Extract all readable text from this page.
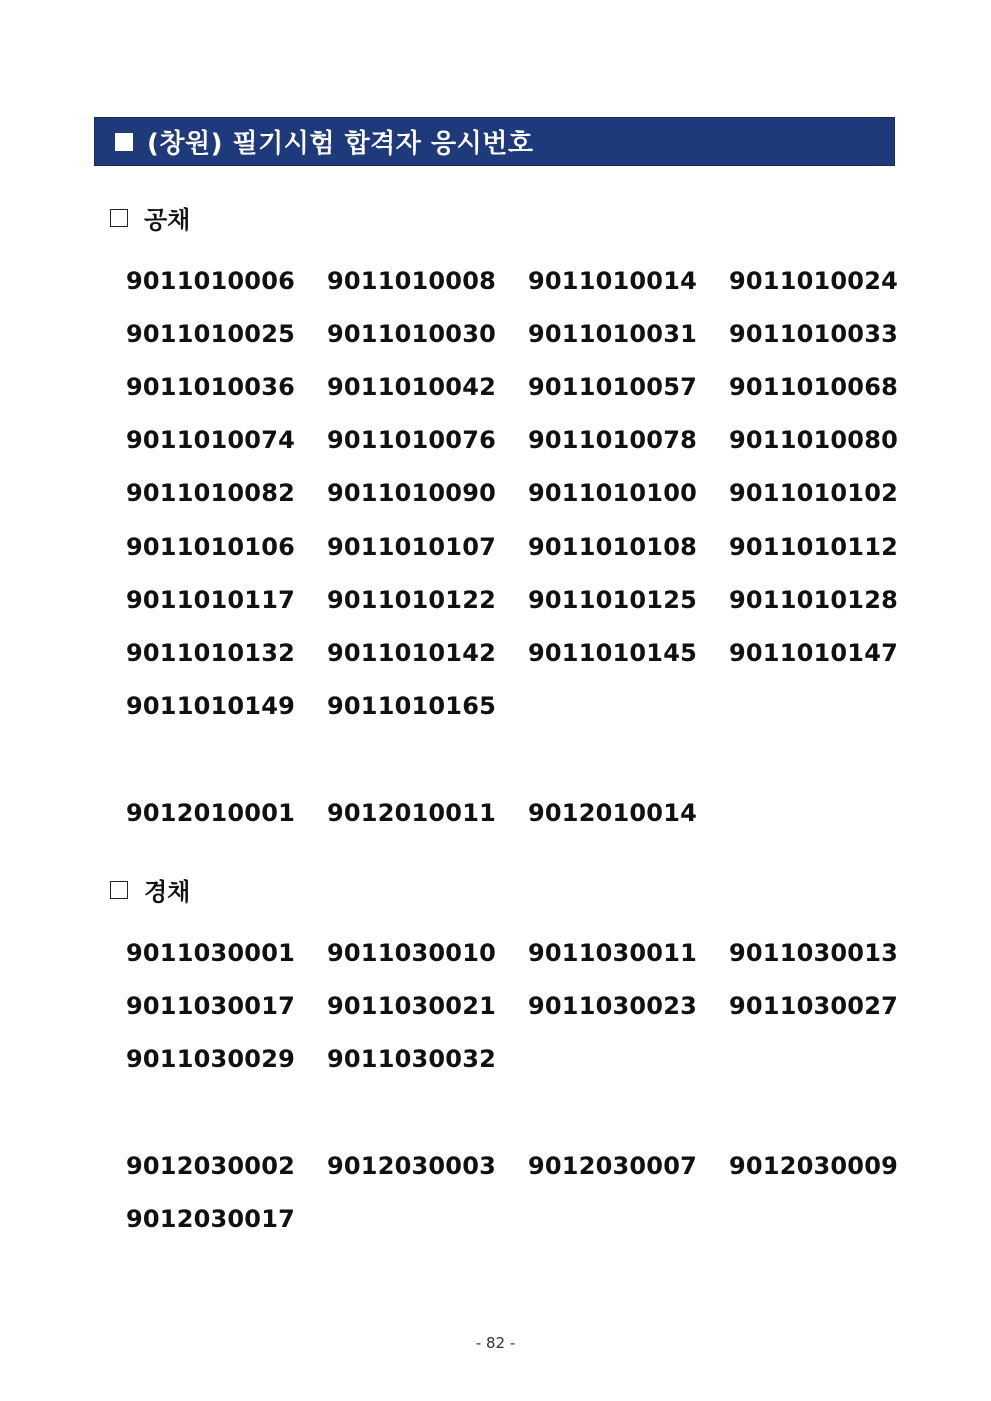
(창원) 필기시험 합격자 응시번호
공채
9011010006	9011010008	9011010014	9011010024
9011010025	9011010030	9011010031	9011010033
9011010036	9011010042	9011010057	9011010068
9011010074	9011010076	9011010078	9011010080
9011010082	9011010090	9011010100	9011010102
9011010106	9011010107	9011010108	9011010112
9011010117	9011010122	9011010125	9011010128
9011010132	9011010142	9011010145	9011010147
9011010149	9011010165
9012010001	9012010011	9012010014
경채
9011030001	9011030010	9011030011	9011030013
9011030017	9011030021	9011030023	9011030027
9011030029	9011030032
9012030002	9012030003	9012030007	9012030009
9012030017
- 82 -
